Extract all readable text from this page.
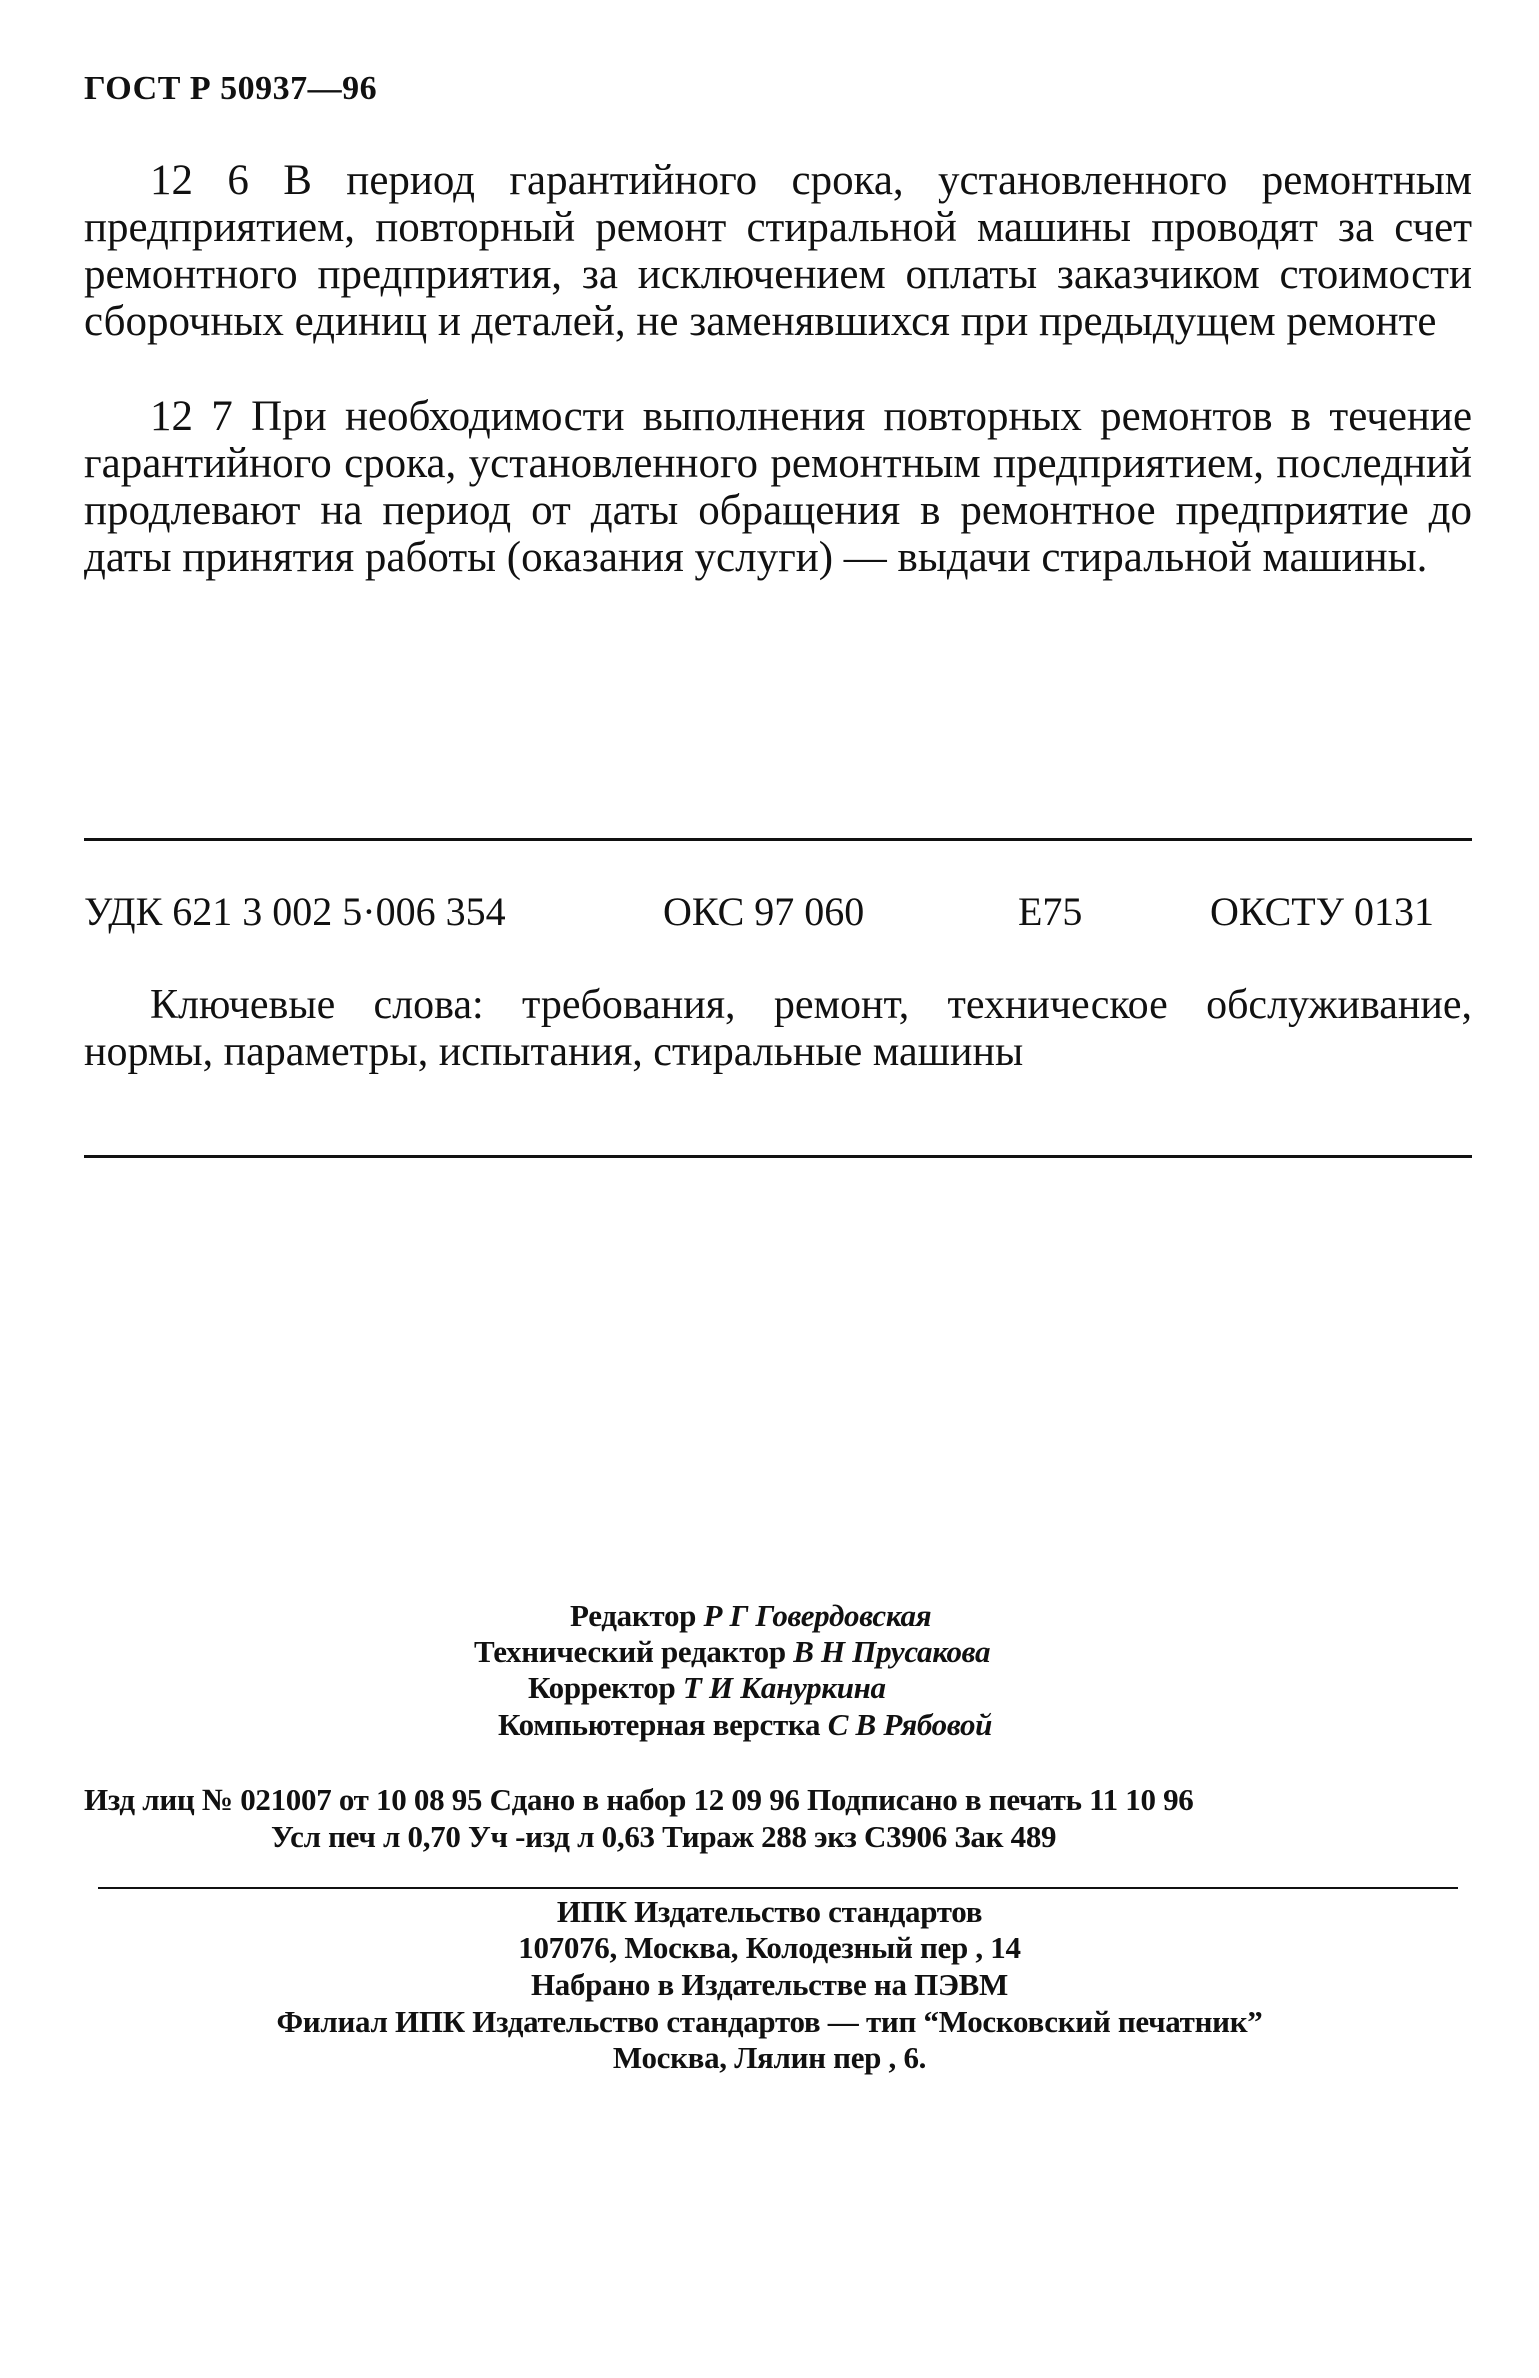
ГОСТ Р 50937—96

12 6 В период гарантийного срока, установленного ремонтным предприятием, повторный ремонт стиральной машины проводят за счет ремонтного предприятия, за исключением оплаты заказчиком стоимости сборочных единиц и деталей, не заменявшихся при предыдущем ремонте

12 7 При необходимости выполнения повторных ремонтов в течение гарантийного срока, установленного ремонтным предприятием, последний продлевают на период от даты обращения в ремонтное предприятие до даты принятия работы (оказания услуги) — выдачи стиральной машины.

УДК 621 3 002 5·006 354	ОКС 97 060	Е75	ОКСТУ 0131

Ключевые слова: требования, ремонт, техническое обслуживание, нормы, параметры, испытания, стиральные машины

Редактор Р Г Говердовская
Технический редактор В Н Прусакова
Корректор Т И Кануркина
Компьютерная верстка С В Рябовой
Изд лиц № 021007 от 10 08 95 Сдано в набор 12 09 96 Подписано в печать 11 10 96
Усл печ л 0,70 Уч -изд л 0,63 Тираж 288 экз С3906 Зак 489
ИПК Издательство стандартов
107076, Москва, Колодезный пер , 14
Набрано в Издательстве на ПЭВМ
Филиал ИПК Издательство стандартов — тип “Московский печатник”
Москва, Лялин пер , 6.
